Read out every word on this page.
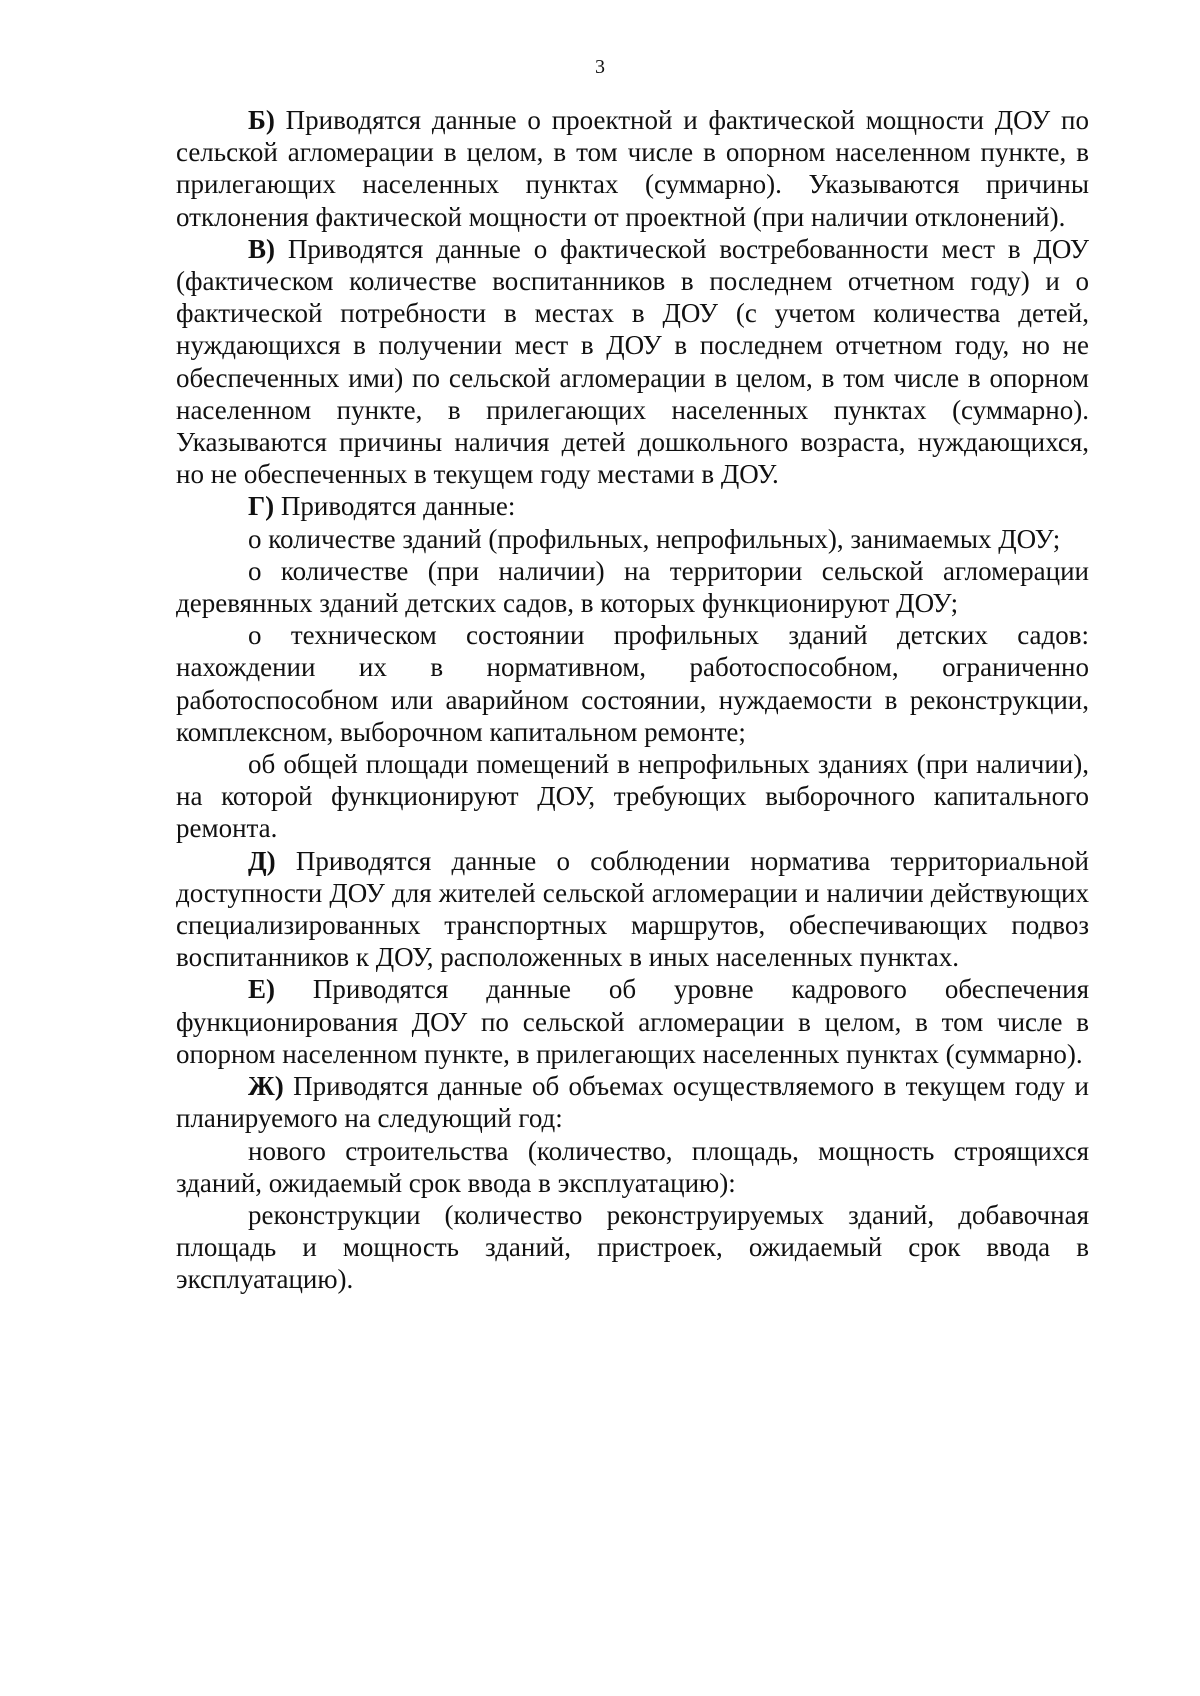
3

Б) Приводятся данные о проектной и фактической мощности ДОУ по сельской агломерации в целом, в том числе в опорном населенном пункте, в прилегающих населенных пунктах (суммарно). Указываются причины отклонения фактической мощности от проектной (при наличии отклонений).

В) Приводятся данные о фактической востребованности мест в ДОУ (фактическом количестве воспитанников в последнем отчетном году) и о фактической потребности в местах в ДОУ (с учетом количества детей, нуждающихся в получении мест в ДОУ в последнем отчетном году, но не обеспеченных ими) по сельской агломерации в целом, в том числе в опорном населенном пункте, в прилегающих населенных пунктах (суммарно). Указываются причины наличия детей дошкольного возраста, нуждающихся, но не обеспеченных в текущем году местами в ДОУ.

Г) Приводятся данные:

о количестве зданий (профильных, непрофильных), занимаемых ДОУ;

о количестве (при наличии) на территории сельской агломерации деревянных зданий детских садов, в которых функционируют ДОУ;

о техническом состоянии профильных зданий детских садов: нахождении их в нормативном, работоспособном, ограниченно работоспособном или аварийном состоянии, нуждаемости в реконструкции, комплексном, выборочном капитальном ремонте;

об общей площади помещений в непрофильных зданиях (при наличии), на которой функционируют ДОУ, требующих выборочного капитального ремонта.

Д) Приводятся данные о соблюдении норматива территориальной доступности ДОУ для жителей сельской агломерации и наличии действующих специализированных транспортных маршрутов, обеспечивающих подвоз воспитанников к ДОУ, расположенных в иных населенных пунктах.

Е) Приводятся данные об уровне кадрового обеспечения функционирования ДОУ по сельской агломерации в целом, в том числе в опорном населенном пункте, в прилегающих населенных пунктах (суммарно).

Ж) Приводятся данные об объемах осуществляемого в текущем году и планируемого на следующий год:

нового строительства (количество, площадь, мощность строящихся зданий, ожидаемый срок ввода в эксплуатацию):

реконструкции (количество реконструируемых зданий, добавочная площадь и мощность зданий, пристроек, ожидаемый срок ввода в эксплуатацию).
